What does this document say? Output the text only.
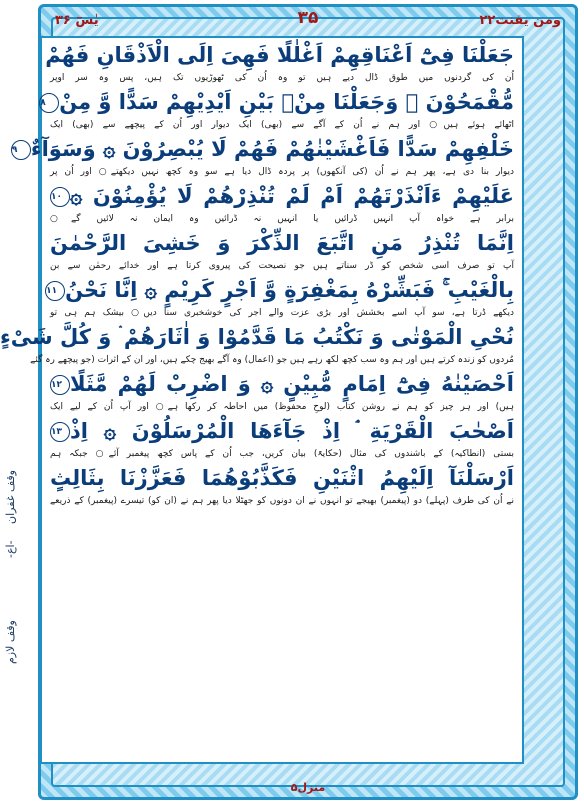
ومن یقنت۲۲
یٰسٓ ۳۶	۳۵
منزل۵
جَعَلْنَا فِیْٓ اَعْنَاقِهِمْ اَغْلٰلًا فَهِیَ اِلَی الْاَذْقَانِ فَهُمْ
اُن کی گردنوں میں طوق ڈال دیے ہیں تو وہ اُن کی ٹھوڑیوں تک ہیں، پس وہ سر اوپر
مُّقْمَحُوْنَ ۞ وَجَعَلْنَا مِنْۢ بَیْنِ اَیْدِیْهِمْ سَدًّا وَّ مِنْ۸
اٹھائے ہوئے ہیں○ اور ہم نے اُن کے آگے سے (بھی) ایک دیوار اور اُن کے پیچھے سے (بھی) ایک
خَلْفِهِمْ سَدًّا فَاَغْشَیْنٰهُمْ فَهُمْ لَا یُبْصِرُوْنَ ۞ وَسَوَآءٌ۹
دیوار بنا دی ہے، پھر ہم نے اُن (کی آنکھوں) پر پردہ ڈال دیا ہے سو وہ کچھ نہیں دیکھتے○ اور اُن پر
عَلَیْهِمْ ءَاَنْذَرْتَهُمْ اَمْ لَمْ تُنْذِرْهُمْ لَا یُؤْمِنُوْنَ ۞۱۰
برابر ہے خواہ آپ انہیں ڈرائیں یا انہیں نہ ڈرائیں وہ ایمان نہ لائیں گے○
اِنَّمَا تُنْذِرُ مَنِ اتَّبَعَ الذِّكْرَ وَ خَشِیَ الرَّحْمٰنَ
آپ تو صرف اسی شخص کو ڈر سناتے ہیں جو نصیحت کی پیروی کرتا ہے اور خدائے رحمٰن سے بن
بِالْغَیْبِ ۚ فَبَشِّرْهُ بِمَغْفِرَةٍ وَّ اَجْرٍ كَرِیْمٍ ۞ اِنَّا نَحْنُ۱۱
دیکھے ڈرتا ہے، سو آپ اسے بخشش اور بڑی عزت والے اجر کی خوشخبری سنا دیں○ بیشک ہم ہی تو
نُحْیِ الْمَوْتٰی وَ نَكْتُبُ مَا قَدَّمُوْا وَ اٰثَارَهُمْ ۛ وَ كُلَّ شَیْءٍ
مُردوں کو زندہ کرتے ہیں اور ہم وہ سب کچھ لکھ رہے ہیں جو (اعمال) وہ آگے بھیج چکے ہیں، اور ان کے اثرات (جو پیچھے رہ گئے
اَحْصَیْنٰهُ فِیْٓ اِمَامٍ مُّبِیْنٍ ۞ وَ اضْرِبْ لَهُمْ مَّثَلًا۱۲
ہیں) اور ہر چیز کو ہم نے روشن کتاب (لوحِ محفوظ) میں احاطہ کر رکھا ہے○ اور آپ اُن کے لیے ایک
اَصْحٰبَ الْقَرْیَةِ ۘ اِذْ جَآءَهَا الْمُرْسَلُوْنَ ۞ اِذْ۱۳
بستی (انطاکیہ) کے باشندوں کی مثال (حکایۃً) بیان کریں، جب اُن کے پاس کچھ پیغمبر آئے○ جبکہ ہم
اَرْسَلْنَآ اِلَیْهِمُ اثْنَیْنِ فَكَذَّبُوْهُمَا فَعَزَّزْنَا بِثَالِثٍ
نے اُن کی طرف (پہلے) دو (پیغمبر) بھیجے تو انہوں نے ان دونوں کو جھٹلا دیا پھر ہم نے (ان کو) تیسرے (پیغمبر) کے ذریعے
وقف غفران
وقف لازم
-اع-
